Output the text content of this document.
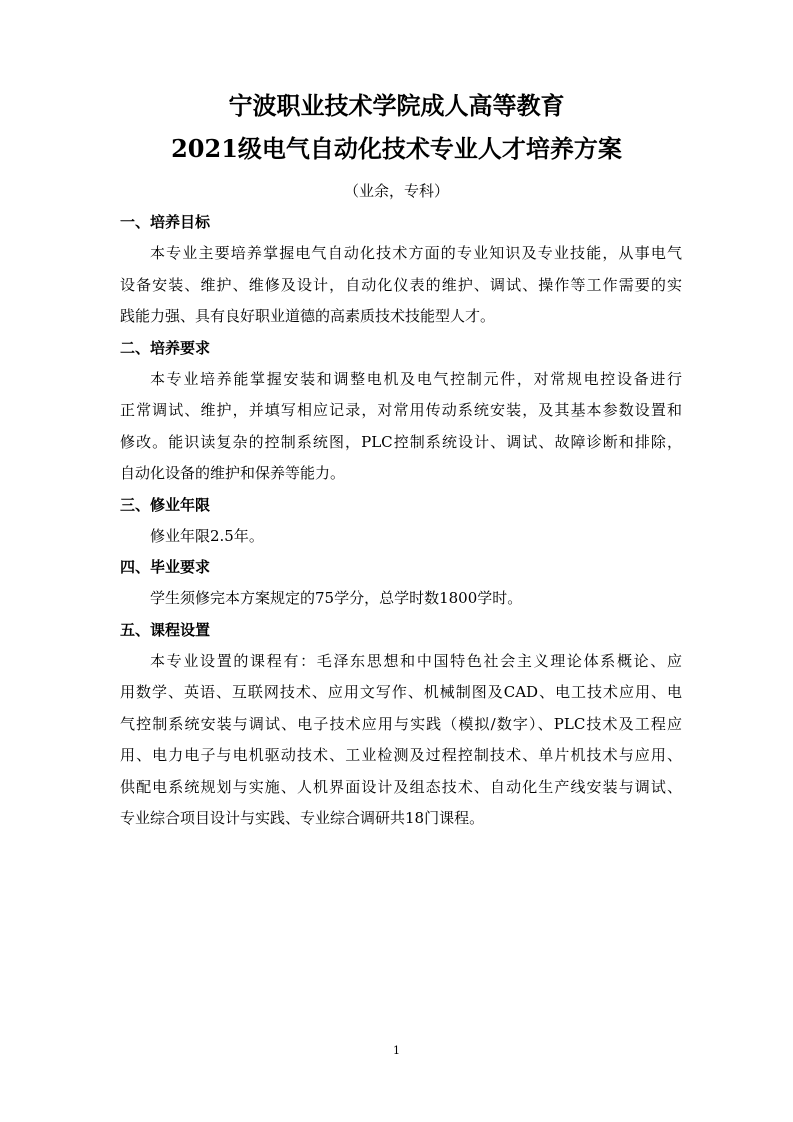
宁波职业技术学院成人高等教育
2021级电气自动化技术专业人才培养方案
（业余，专科）
一、培养目标
本专业主要培养掌握电气自动化技术方面的专业知识及专业技能，从事电气
设备安装、维护、维修及设计，自动化仪表的维护、调试、操作等工作需要的实
践能力强、具有良好职业道德的高素质技术技能型人才。
二、培养要求
本专业培养能掌握安装和调整电机及电气控制元件，对常规电控设备进行
正常调试、维护，并填写相应记录，对常用传动系统安装，及其基本参数设置和
修改。能识读复杂的控制系统图，PLC控制系统设计、调试、故障诊断和排除，
自动化设备的维护和保养等能力。
三、修业年限
修业年限2.5年。
四、毕业要求
学生须修完本方案规定的75学分，总学时数1800学时。
五、课程设置
本专业设置的课程有：毛泽东思想和中国特色社会主义理论体系概论、应
用数学、英语、互联网技术、应用文写作、机械制图及CAD、电工技术应用、电
气控制系统安装与调试、电子技术应用与实践（模拟/数字）、PLC技术及工程应
用、电力电子与电机驱动技术、工业检测及过程控制技术、单片机技术与应用、
供配电系统规划与实施、人机界面设计及组态技术、自动化生产线安装与调试、
专业综合项目设计与实践、专业综合调研共18门课程。
1
